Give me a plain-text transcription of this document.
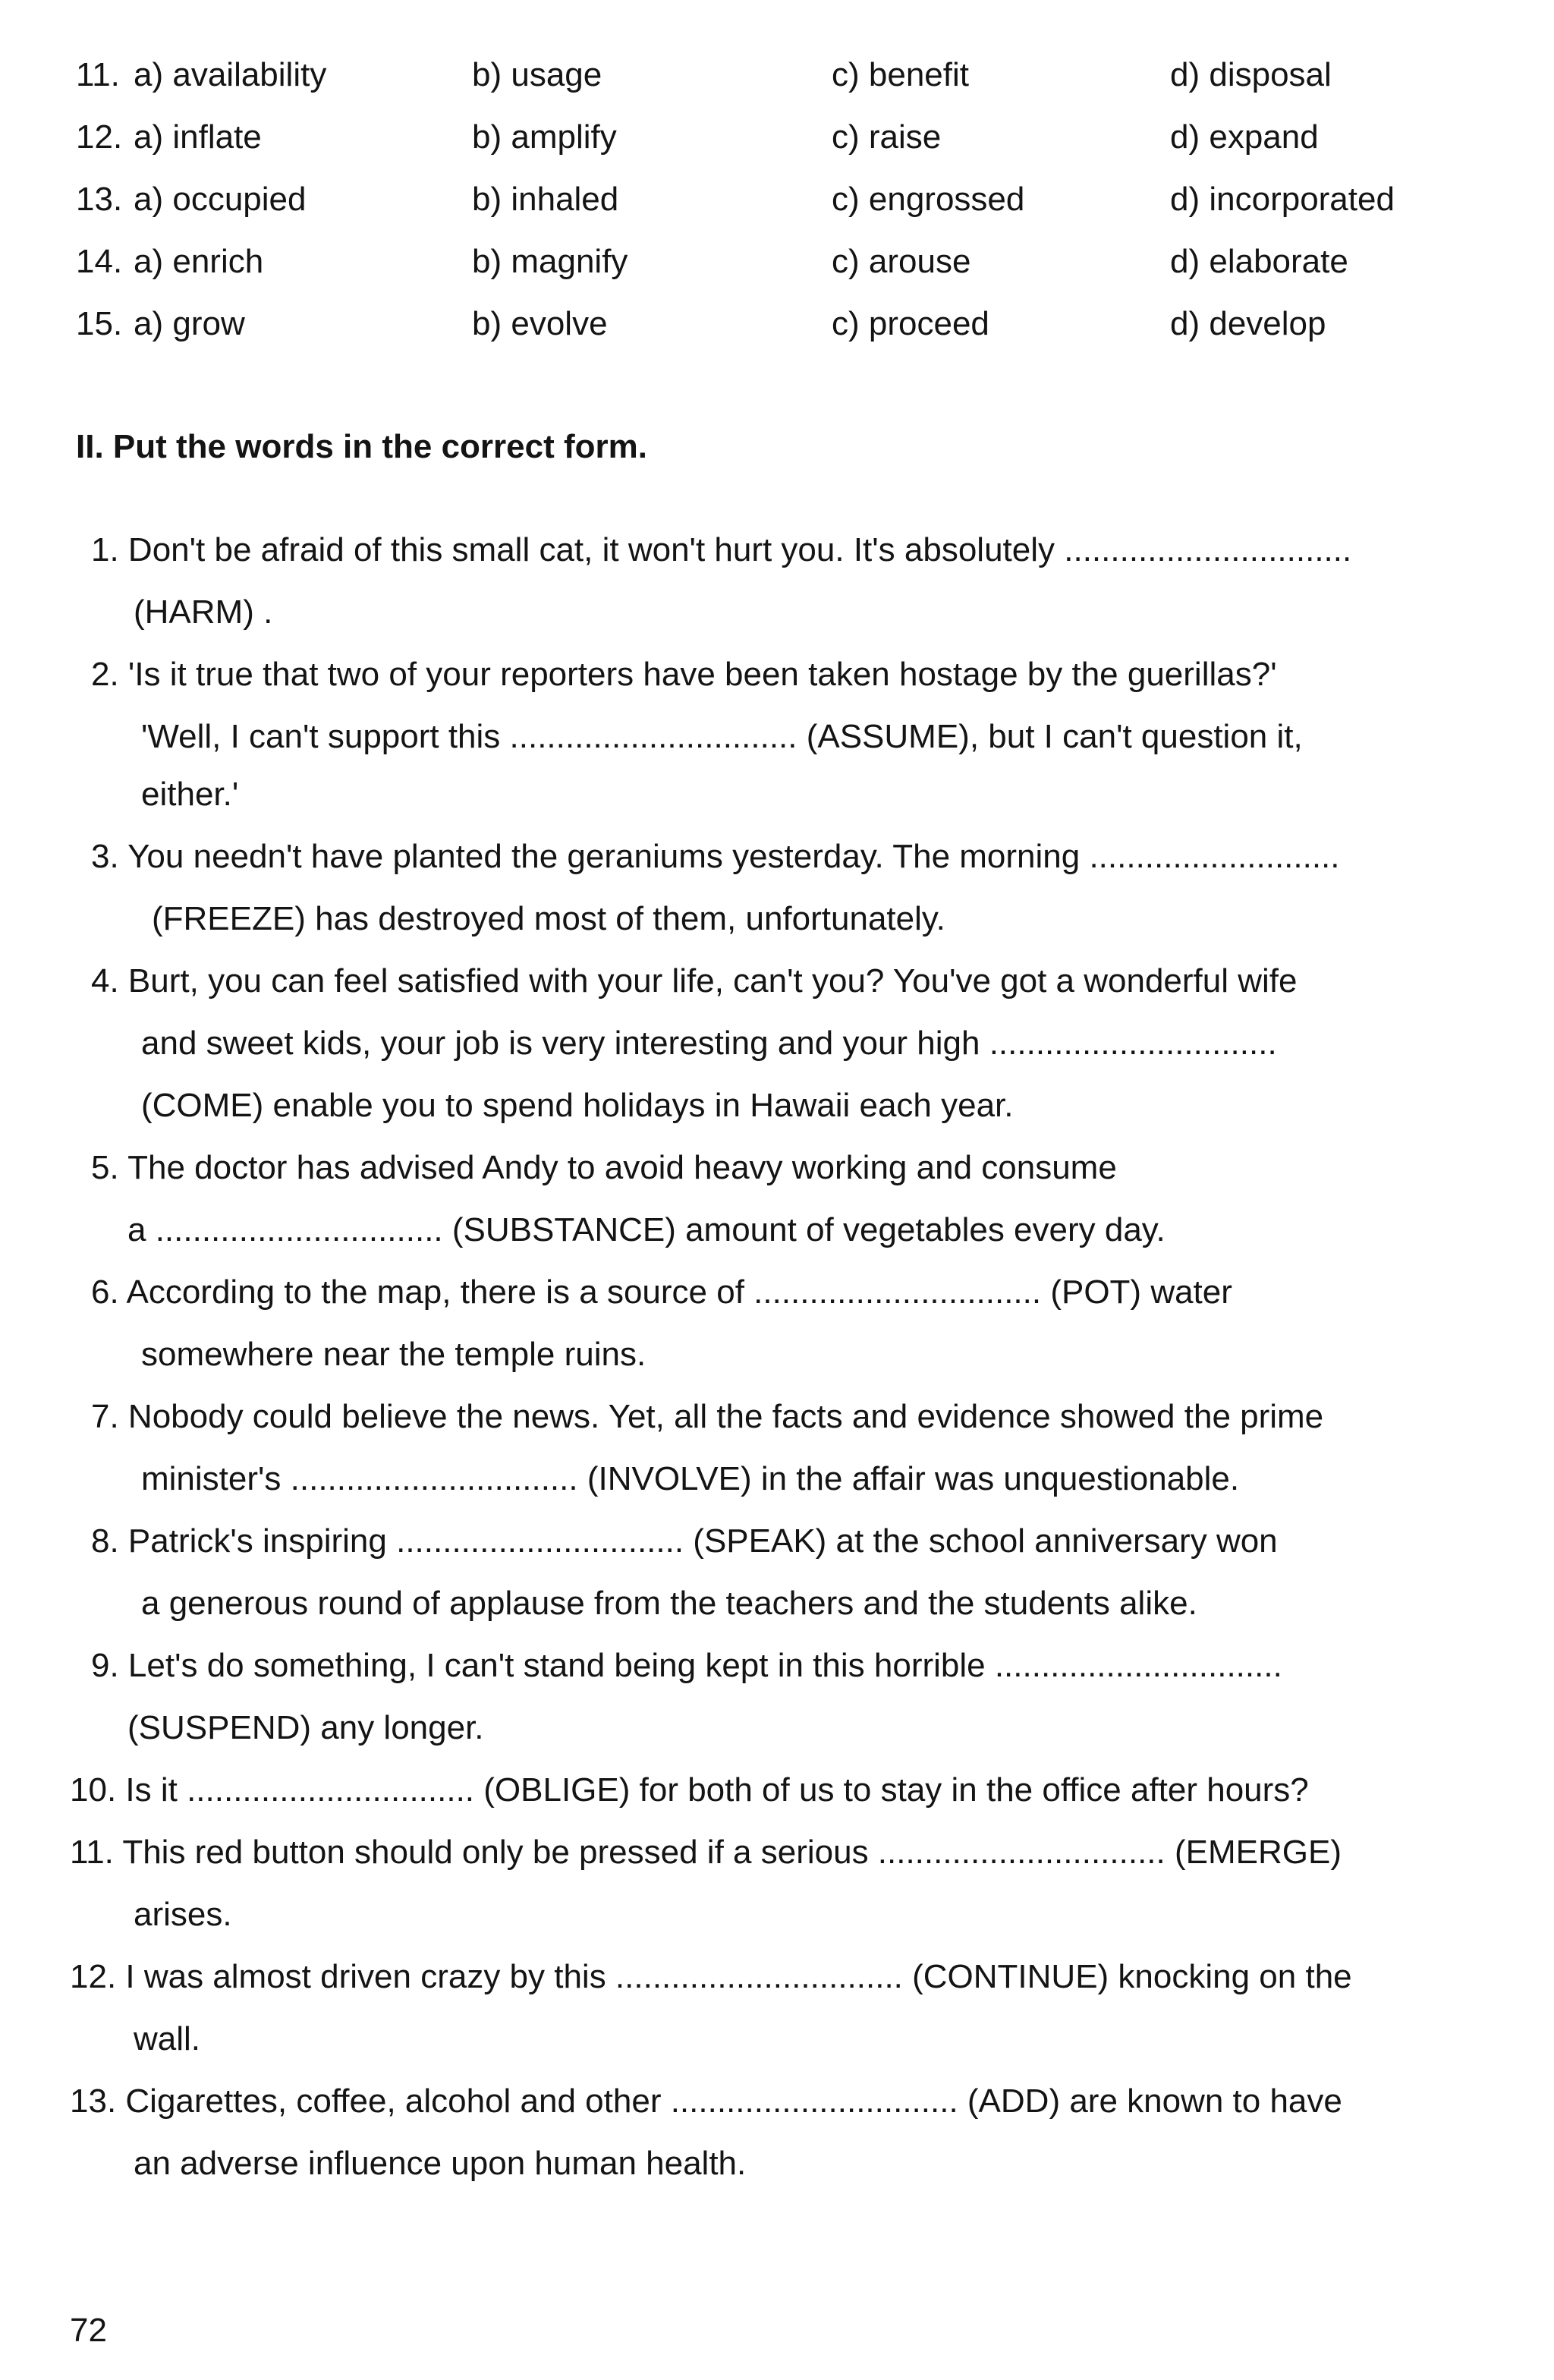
11. a) availability	b) usage	c) benefit	d) disposal
12. a) inflate	b) amplify	c) raise	d) expand
13. a) occupied	b) inhaled	c) engrossed	d) incorporated
14. a) enrich	b) magnify	c) arouse	d) elaborate
15. a) grow	b) evolve	c) proceed	d) develop
II. Put the words in the correct form.
1. Don't be afraid of this small cat, it won't hurt you. It's absolutely ...............................
(HARM) .
2. 'Is it true that two of your reporters have been taken hostage by the guerillas?'
'Well, I can't support this ............................... (ASSUME), but I can't question it,
either.'
3. You needn't have planted the geraniums yesterday. The morning ...........................
(FREEZE) has destroyed most of them, unfortunately.
4. Burt, you can feel satisfied with your life, can't you? You've got a wonderful wife
and sweet kids, your job is very interesting and your high ...............................
(COME) enable you to spend holidays in Hawaii each year.
5. The doctor has advised Andy to avoid heavy working and consume
a ............................... (SUBSTANCE) amount of vegetables every day.
6. According to the map, there is a source of ............................... (POT) water
somewhere near the temple ruins.
7. Nobody could believe the news. Yet, all the facts and evidence showed the prime
minister's ............................... (INVOLVE) in the affair was unquestionable.
8. Patrick's inspiring ............................... (SPEAK) at the school anniversary won
a generous round of applause from the teachers and the students alike.
9. Let's do something, I can't stand being kept in this horrible ...............................
(SUSPEND) any longer.
10. Is it ............................... (OBLIGE) for both of us to stay in the office after hours?
11. This red button should only be pressed if a serious ............................... (EMERGE)
arises.
12. I was almost driven crazy by this ............................... (CONTINUE) knocking on the
wall.
13. Cigarettes, coffee, alcohol and other ............................... (ADD) are known to have
an adverse influence upon human health.
72
